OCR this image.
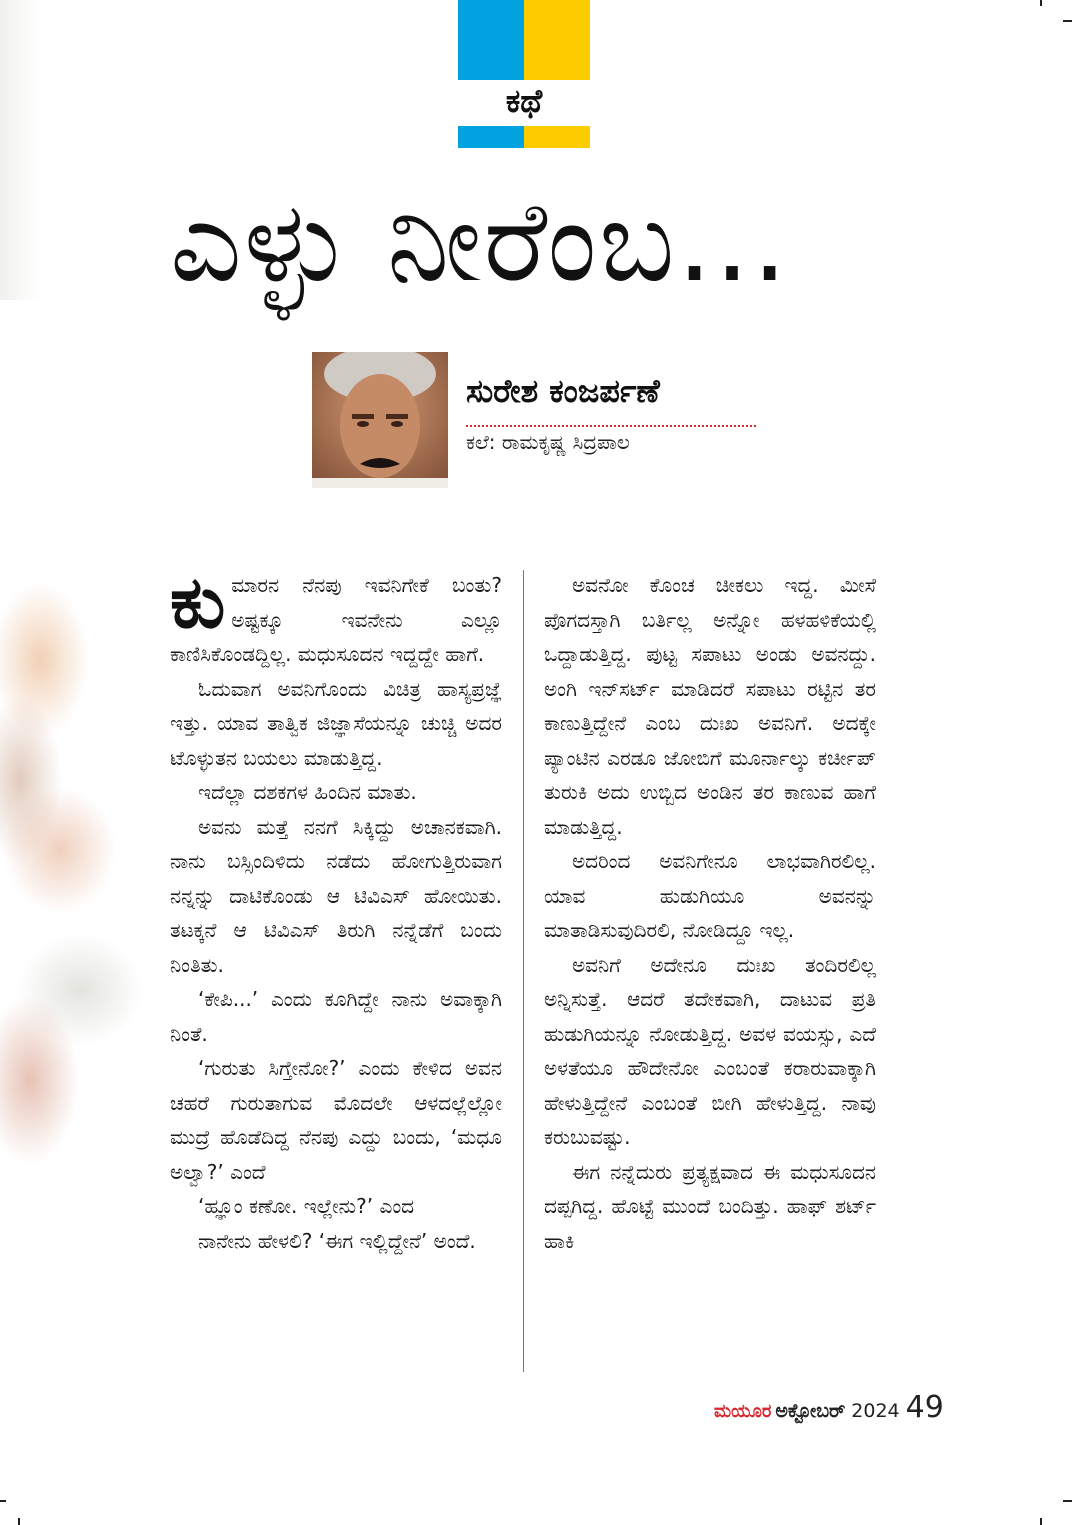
ಕಥೆ
ಎಳ್ಳು ನೀರೆಂಬ...
ಸುರೇಶ ಕಂಜರ್ಪಣೆ
ಕಲೆ: ರಾಮಕೃಷ್ಣ ಸಿದ್ರಪಾಲ

ಕುಮಾರನ ನೆನಪು ಇವನಿಗೇಕೆ ಬಂತು? ಅಷ್ಟಕ್ಕೂ ಇವನೇನು ಎಲ್ಲೂ ಕಾಣಿಸಿಕೊಂಡದ್ದಿಲ್ಲ. ಮಧುಸೂದನ ಇದ್ದದ್ದೇ ಹಾಗೆ.

ಓದುವಾಗ ಅವನಿಗೊಂದು ವಿಚಿತ್ರ ಹಾಸ್ಯಪ್ರಜ್ಞೆ ಇತ್ತು. ಯಾವ ತಾತ್ವಿಕ ಜಿಜ್ಞಾಸೆಯನ್ನೂ ಚುಚ್ಚಿ ಅದರ ಟೊಳ್ಳುತನ ಬಯಲು ಮಾಡುತ್ತಿದ್ದ.

ಇದೆಲ್ಲಾ ದಶಕಗಳ ಹಿಂದಿನ ಮಾತು.

ಅವನು ಮತ್ತೆ ನನಗೆ ಸಿಕ್ಕಿದ್ದು ಅಚಾನಕವಾಗಿ. ನಾನು ಬಸ್ಸಿಂದಿಳಿದು ನಡೆದು ಹೋಗುತ್ತಿರುವಾಗ ನನ್ನನ್ನು ದಾಟಿಕೊಂಡು ಆ ಟಿವಿಎಸ್ ಹೋಯಿತು. ತಟಕ್ಕನೆ ಆ ಟಿವಿಎಸ್ ತಿರುಗಿ ನನ್ನೆಡೆಗೆ ಬಂದು ನಿಂತಿತು.

‘ಕೇಪಿ...’ ಎಂದು ಕೂಗಿದ್ದೇ ನಾನು ಅವಾಕ್ಕಾಗಿ ನಿಂತೆ.

‘ಗುರುತು ಸಿಗ್ತೇನೋ?’ ಎಂದು ಕೇಳಿದ ಅವನ ಚಹರೆ ಗುರುತಾಗುವ ಮೊದಲೇ ಆಳದಲ್ಲೆಲ್ಲೋ ಮುದ್ರೆ ಹೊಡೆದಿದ್ದ ನೆನಪು ಎದ್ದು ಬಂದು, ‘ಮಧೂ ಅಲ್ವಾ?’ ಎಂದೆ

‘ಹ್ಞೂಂ ಕಣೋ. ಇಲ್ಲೇನು?’ ಎಂದ

ನಾನೇನು ಹೇಳಲಿ? ‘ಈಗ ಇಲ್ಲಿದ್ದೇನೆ’ ಅಂದೆ.

ಅವನೋ ಕೊಂಚ ಚೀಕಲು ಇದ್ದ. ಮೀಸೆ ಪೊಗದಸ್ತಾಗಿ ಬರ್ತಿಲ್ಲ ಅನ್ನೋ ಹಳಹಳಿಕೆಯಲ್ಲಿ ಒದ್ದಾಡುತ್ತಿದ್ದ. ಪುಟ್ಟ ಸಪಾಟು ಅಂಡು ಅವನದ್ದು. ಅಂಗಿ ಇನ್‌ಸರ್ಟ್ ಮಾಡಿದರೆ ಸಪಾಟು ರಟ್ಟಿನ ತರ ಕಾಣುತ್ತಿದ್ದೇನೆ ಎಂಬ ದುಃಖ ಅವನಿಗೆ. ಅದಕ್ಕೇ ಪ್ಯಾಂಟಿನ ಎರಡೂ ಜೋಬಿಗೆ ಮೂರ್ನಾಲ್ಕು ಕರ್ಚೀಪ್ ತುರುಕಿ ಅದು ಉಬ್ಬಿದ ಅಂಡಿನ ತರ ಕಾಣುವ ಹಾಗೆ ಮಾಡುತ್ತಿದ್ದ.

ಅದರಿಂದ ಅವನಿಗೇನೂ ಲಾಭವಾಗಿರಲಿಲ್ಲ. ಯಾವ ಹುಡುಗಿಯೂ ಅವನನ್ನು ಮಾತಾಡಿಸುವುದಿರಲಿ, ನೋಡಿದ್ದೂ ಇಲ್ಲ.

ಅವನಿಗೆ ಅದೇನೂ ದುಃಖ ತಂದಿರಲಿಲ್ಲ ಅನ್ನಿಸುತ್ತೆ. ಆದರೆ ತದೇಕವಾಗಿ, ದಾಟುವ ಪ್ರತಿ ಹುಡುಗಿಯನ್ನೂ ನೋಡುತ್ತಿದ್ದ. ಅವಳ ವಯಸ್ಸು, ಎದೆ ಅಳತೆಯೂ ಹೌದೇನೋ ಎಂಬಂತೆ ಕರಾರುವಾಕ್ಕಾಗಿ ಹೇಳುತ್ತಿದ್ದೇನೆ ಎಂಬಂತೆ ಬೀಗಿ ಹೇಳುತ್ತಿದ್ದ. ನಾವು ಕರುಬುವಷ್ಟು.

ಈಗ ನನ್ನೆದುರು ಪ್ರತ್ಯಕ್ಷವಾದ ಈ ಮಧುಸೂದನ ದಪ್ಪಗಿದ್ದ. ಹೊಟ್ಟೆ ಮುಂದೆ ಬಂದಿತ್ತು. ಹಾಫ್ ಶರ್ಟ್ ಹಾಕಿ

ಮಯೂರ ಅಕ್ಟೋಬರ್ 2024 49
